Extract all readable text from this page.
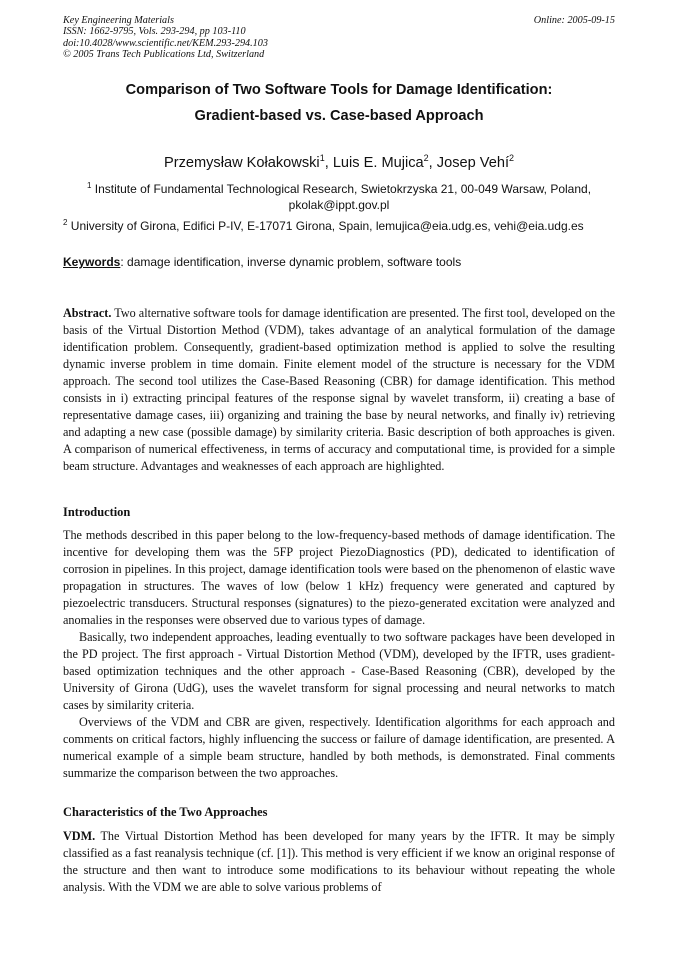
Key Engineering Materials
ISSN: 1662-9795, Vols. 293-294, pp 103-110
doi:10.4028/www.scientific.net/KEM.293-294.103
© 2005 Trans Tech Publications Ltd, Switzerland
Online: 2005-09-15
Comparison of Two Software Tools for Damage Identification:
Gradient-based vs. Case-based Approach
Przemysław Kołakowski$^1$, Luis E. Mujica$^2$, Josep Vehí$^2$
$^1$ Institute of Fundamental Technological Research, Swietokrzyska 21, 00-049 Warsaw, Poland,
pkolak@ippt.gov.pl
$^2$ University of Girona, Edifici P-IV, E-17071 Girona, Spain, lemujica@eia.udg.es, vehi@eia.udg.es
Keywords: damage identification, inverse dynamic problem, software tools
Abstract. Two alternative software tools for damage identification are presented. The first tool, developed on the basis of the Virtual Distortion Method (VDM), takes advantage of an analytical formulation of the damage identification problem. Consequently, gradient-based optimization method is applied to solve the resulting dynamic inverse problem in time domain. Finite element model of the structure is necessary for the VDM approach. The second tool utilizes the Case-Based Reasoning (CBR) for damage identification. This method consists in i) extracting principal features of the response signal by wavelet transform, ii) creating a base of representative damage cases, iii) organizing and training the base by neural networks, and finally iv) retrieving and adapting a new case (possible damage) by similarity criteria. Basic description of both approaches is given. A comparison of numerical effectiveness, in terms of accuracy and computational time, is provided for a simple beam structure. Advantages and weaknesses of each approach are highlighted.
Introduction

The methods described in this paper belong to the low-frequency-based methods of damage identification. The incentive for developing them was the 5FP project PiezoDiagnostics (PD), dedicated to identification of corrosion in pipelines. In this project, damage identification tools were based on the phenomenon of elastic wave propagation in structures. The waves of low (below 1 kHz) frequency were generated and captured by piezoelectric transducers. Structural responses (signatures) to the piezo-generated excitation were analyzed and anomalies in the responses were observed due to various types of damage.

Basically, two independent approaches, leading eventually to two software packages have been developed in the PD project. The first approach - Virtual Distortion Method (VDM), developed by the IFTR, uses gradient-based optimization techniques and the other approach - Case-Based Reasoning (CBR), developed by the University of Girona (UdG), uses the wavelet transform for signal processing and neural networks to match cases by similarity criteria.

Overviews of the VDM and CBR are given, respectively. Identification algorithms for each approach and comments on critical factors, highly influencing the success or failure of damage identification, are presented. A numerical example of a simple beam structure, handled by both methods, is demonstrated. Final comments summarize the comparison between the two approaches.

Characteristics of the Two Approaches
VDM. The Virtual Distortion Method has been developed for many years by the IFTR. It may be simply classified as a fast reanalysis technique (cf. [1]). This method is very efficient if we know an original response of the structure and then want to introduce some modifications to its behaviour without repeating the whole analysis. With the VDM we are able to solve various problems of
